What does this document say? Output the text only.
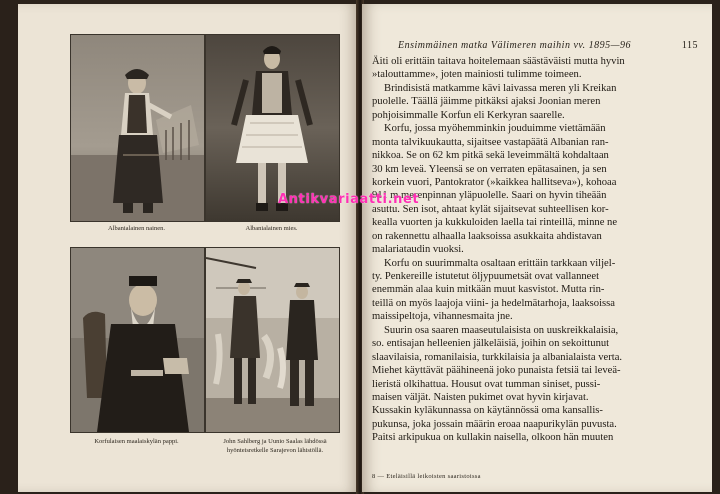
Albanialainen nainen.	Albanialainen mies.
Korfulaisen maalaiskylän pappi.	John Sahlberg ja Uunio Saalas lähdössä
hyönteisretkelle Sarajevon lähistöllä.
Ensimmäinen matka Välimeren maihin vv. 1895—96	115
Äiti oli erittäin taitava hoitelemaan säästäväisti mutta hyvin
»talouttamme», joten mainiosti tulimme toimeen.
Brindisistä matkamme kävi laivassa meren yli Kreikan
puolelle. Täällä jäimme pitkäksi ajaksi Joonian meren
pohjoisimmalle Korfun eli Kerkyran saarelle.
Korfu, jossa myöhemminkin jouduimme viettämään
monta talvikuukautta, sijaitsee vastapäätä Albanian ran-
nikkoa. Se on 62 km pitkä sekä leveimmältä kohdaltaan
30 km leveä. Yleensä se on verraten epätasainen, ja sen
korkein vuori, Pantokrator (»kaikkea hallitseva»), kohoaa
911 m merenpinnan yläpuolelle. Saari on hyvin tiheään
asuttu. Sen isot, ahtaat kylät sijaitsevat suhteellisen kor-
kealla vuorten ja kukkuloiden laella tai rinteillä, minne ne
on rakennettu alhaalla laaksoissa asukkaita ahdistavan
malariataudin vuoksi.
Korfu on suurimmalta osaltaan erittäin tarkkaan viljel-
ty. Penkereille istutetut öljypuumetsät ovat vallanneet
enemmän alaa kuin mitkään muut kasvistot. Mutta rin-
teillä on myös laajoja viini- ja hedelmätarhoja, laaksoissa
maissipeltoja, vihannesmaita jne.
Suurin osa saaren maaseutulaisista on uuskreikkalaisia,
so. entisajan helleenien jälkeläisiä, joihin on sekoittunut
slaavilaisia, romanilaisia, turkkilaisia ja albanialaista verta.
Miehet käyttävät päähineenä joko punaista fetsiä tai leveä-
lieristä olkihattua. Housut ovat tumman siniset, pussi-
maisen väljät. Naisten pukimet ovat hyvin kirjavat.
Kussakin kyläkunnassa on käytännössä oma kansallis-
pukunsa, joka jossain määrin eroaa naapurikylän puvusta.
Paitsi arkipukua on kullakin naisella, olkoon hän muuten
8 — Eteläisillä leikoisten saaristoissa
Antikvariaatti.net
